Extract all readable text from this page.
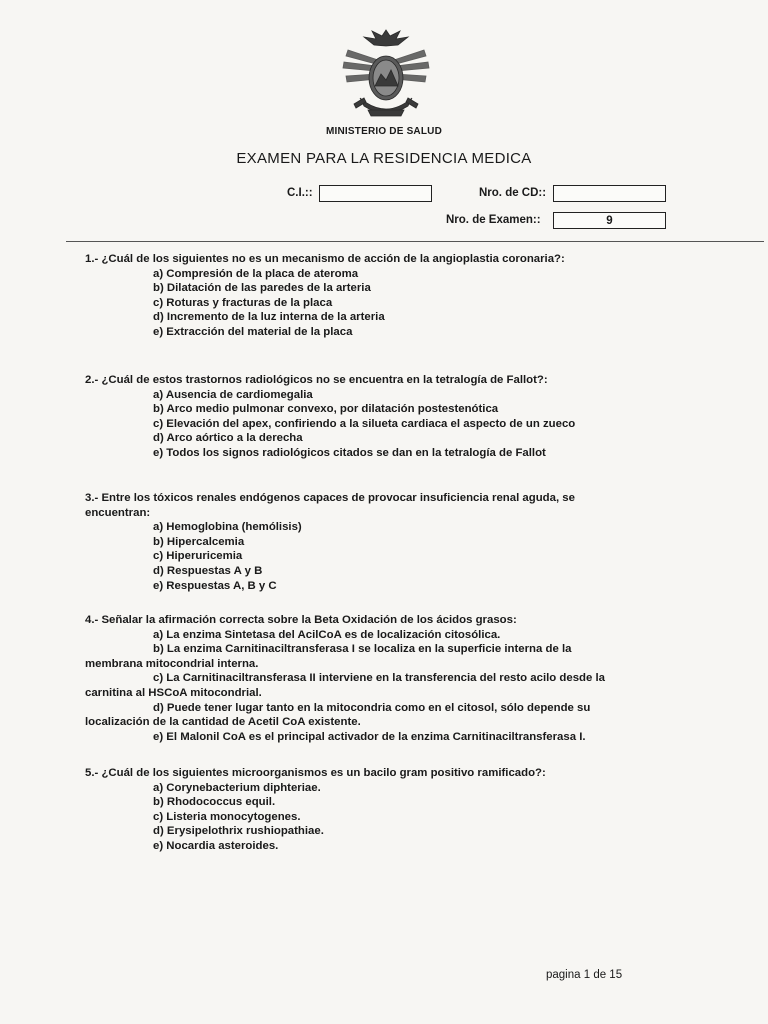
MINISTERIO DE SALUD
EXAMEN PARA LA RESIDENCIA MEDICA
C.I.::	Nro. de CD::
Nro. de Examen::	9

1.- ¿Cuál de los siguientes no es un mecanismo de acción de la angioplastia coronaria?:

a) Compresión de la placa de ateroma

b) Dilatación de las paredes de la arteria

c) Roturas y fracturas de la placa

d) Incremento de la luz interna de la arteria

e) Extracción del material de la placa

2.- ¿Cuál de estos trastornos radiológicos no se encuentra en la tetralogía de Fallot?:

a) Ausencia de cardiomegalia

b) Arco medio pulmonar convexo, por dilatación postestenótica

c) Elevación del apex, confiriendo a la silueta cardiaca el aspecto de un zueco

d) Arco aórtico a la derecha

e) Todos los signos radiológicos citados se dan en la tetralogía de Fallot

3.- Entre los tóxicos renales endógenos capaces de provocar insuficiencia renal aguda, se encuentran:

a) Hemoglobina (hemólisis)

b) Hipercalcemia

c) Hiperuricemia

d) Respuestas A y B

e) Respuestas A, B y C

4.- Señalar la afirmación correcta sobre la Beta Oxidación de los ácidos grasos:

a) La enzima Sintetasa del AcilCoA es de localización citosólica.
b) La enzima Carnitinaciltransferasa I se localiza en la superficie interna de la
membrana mitocondrial interna.
c) La Carnitinaciltransferasa II interviene en la transferencia del resto acilo desde la
carnitina al HSCoA mitocondrial.
d) Puede tener lugar tanto en la mitocondria como en el citosol, sólo depende su
localización de la cantidad de Acetil CoA existente.
e) El Malonil CoA es el principal activador de la enzima Carnitinaciltransferasa I.

5.- ¿Cuál de los siguientes microorganismos es un bacilo gram positivo ramificado?:

a) Corynebacterium diphteriae.

b) Rhodococcus equil.

c) Listeria monocytogenes.

d) Erysipelothrix rushiopathiae.

e) Nocardia asteroides.

pagina 1 de 15
